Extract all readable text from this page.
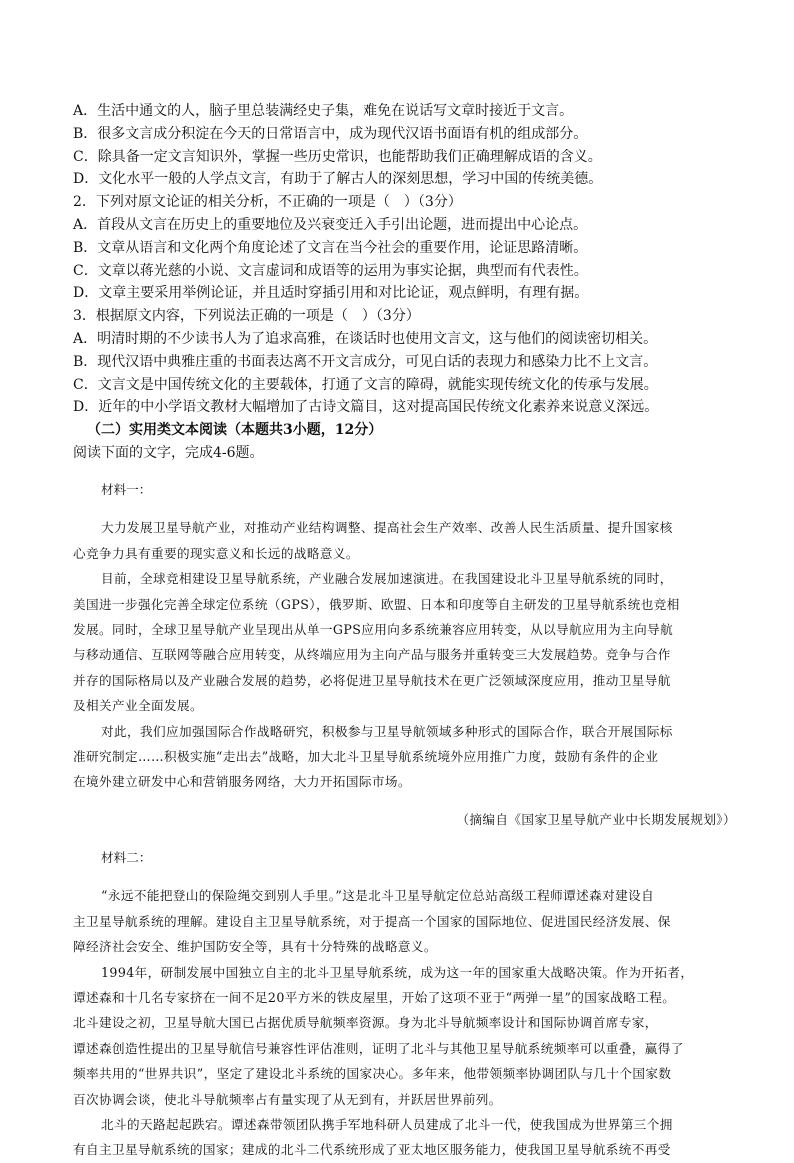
A．生活中通文的人，脑子里总装满经史子集，难免在说话写文章时接近于文言。

B．很多文言成分积淀在今天的日常语言中，成为现代汉语书面语有机的组成部分。

C．除具备一定文言知识外，掌握一些历史常识，也能帮助我们正确理解成语的含义。

D．文化水平一般的人学点文言，有助于了解古人的深刻思想，学习中国的传统美德。

2．下列对原文论证的相关分析，不正确的一项是（　）（3分）

A．首段从文言在历史上的重要地位及兴衰变迁入手引出论题，进而提出中心论点。

B．文章从语言和文化两个角度论述了文言在当今社会的重要作用，论证思路清晰。

C．文章以蒋光慈的小说、文言虚词和成语等的运用为事实论据，典型而有代表性。

D．文章主要采用举例论证，并且适时穿插引用和对比论证，观点鲜明，有理有据。

3．根据原文内容，下列说法正确的一项是（　）（3分）

A．明清时期的不少读书人为了追求高雅，在谈话时也使用文言文，这与他们的阅读密切相关。

B．现代汉语中典雅庄重的书面表达离不开文言成分，可见白话的表现力和感染力比不上文言。

C．文言文是中国传统文化的主要载体，打通了文言的障碍，就能实现传统文化的传承与发展。

D．近年的中小学语文教材大幅增加了古诗文篇目，这对提高国民传统文化素养来说意义深远。

（二）实用类文本阅读（本题共3小题，12分）

阅读下面的文字，完成4-6题。

材料一：

大力发展卫星导航产业，对推动产业结构调整、提高社会生产效率、改善人民生活质量、提升国家核

心竞争力具有重要的现实意义和长远的战略意义。

目前，全球竞相建设卫星导航系统，产业融合发展加速演进。在我国建设北斗卫星导航系统的同时，

美国进一步强化完善全球定位系统（GPS），俄罗斯、欧盟、日本和印度等自主研发的卫星导航系统也竞相

发展。同时，全球卫星导航产业呈现出从单一GPS应用向多系统兼容应用转变，从以导航应用为主向导航

与移动通信、互联网等融合应用转变，从终端应用为主向产品与服务并重转变三大发展趋势。竞争与合作

并存的国际格局以及产业融合发展的趋势，必将促进卫星导航技术在更广泛领域深度应用，推动卫星导航

及相关产业全面发展。

对此，我们应加强国际合作战略研究，积极参与卫星导航领域多种形式的国际合作，联合开展国际标

准研究制定……积极实施“走出去”战略，加大北斗卫星导航系统境外应用推广力度，鼓励有条件的企业

在境外建立研发中心和营销服务网络，大力开拓国际市场。

（摘编自《国家卫星导航产业中长期发展规划》）

材料二：

“永远不能把登山的保险绳交到别人手里。”这是北斗卫星导航定位总站高级工程师谭述森对建设自

主卫星导航系统的理解。建设自主卫星导航系统，对于提高一个国家的国际地位、促进国民经济发展、保

障经济社会安全、维护国防安全等，具有十分特殊的战略意义。

1994年，研制发展中国独立自主的北斗卫星导航系统，成为这一年的国家重大战略决策。作为开拓者，

谭述森和十几名专家挤在一间不足20平方米的铁皮屋里，开始了这项不亚于“两弹一星”的国家战略工程。

北斗建设之初，卫星导航大国已占据优质导航频率资源。身为北斗导航频率设计和国际协调首席专家，

谭述森创造性提出的卫星导航信号兼容性评估准则，证明了北斗与其他卫星导航系统频率可以重叠，赢得了

频率共用的“世界共识”，坚定了建设北斗系统的国家决心。多年来，他带领频率协调团队与几十个国家数

百次协调会谈，使北斗导航频率占有量实现了从无到有，并跃居世界前列。

北斗的天路起起跌宕。谭述森带领团队携手军地科研人员建成了北斗一代，使我国成为世界第三个拥

有自主卫星导航系统的国家；建成的北斗二代系统形成了亚太地区服务能力，使我国卫星导航系统不再受
